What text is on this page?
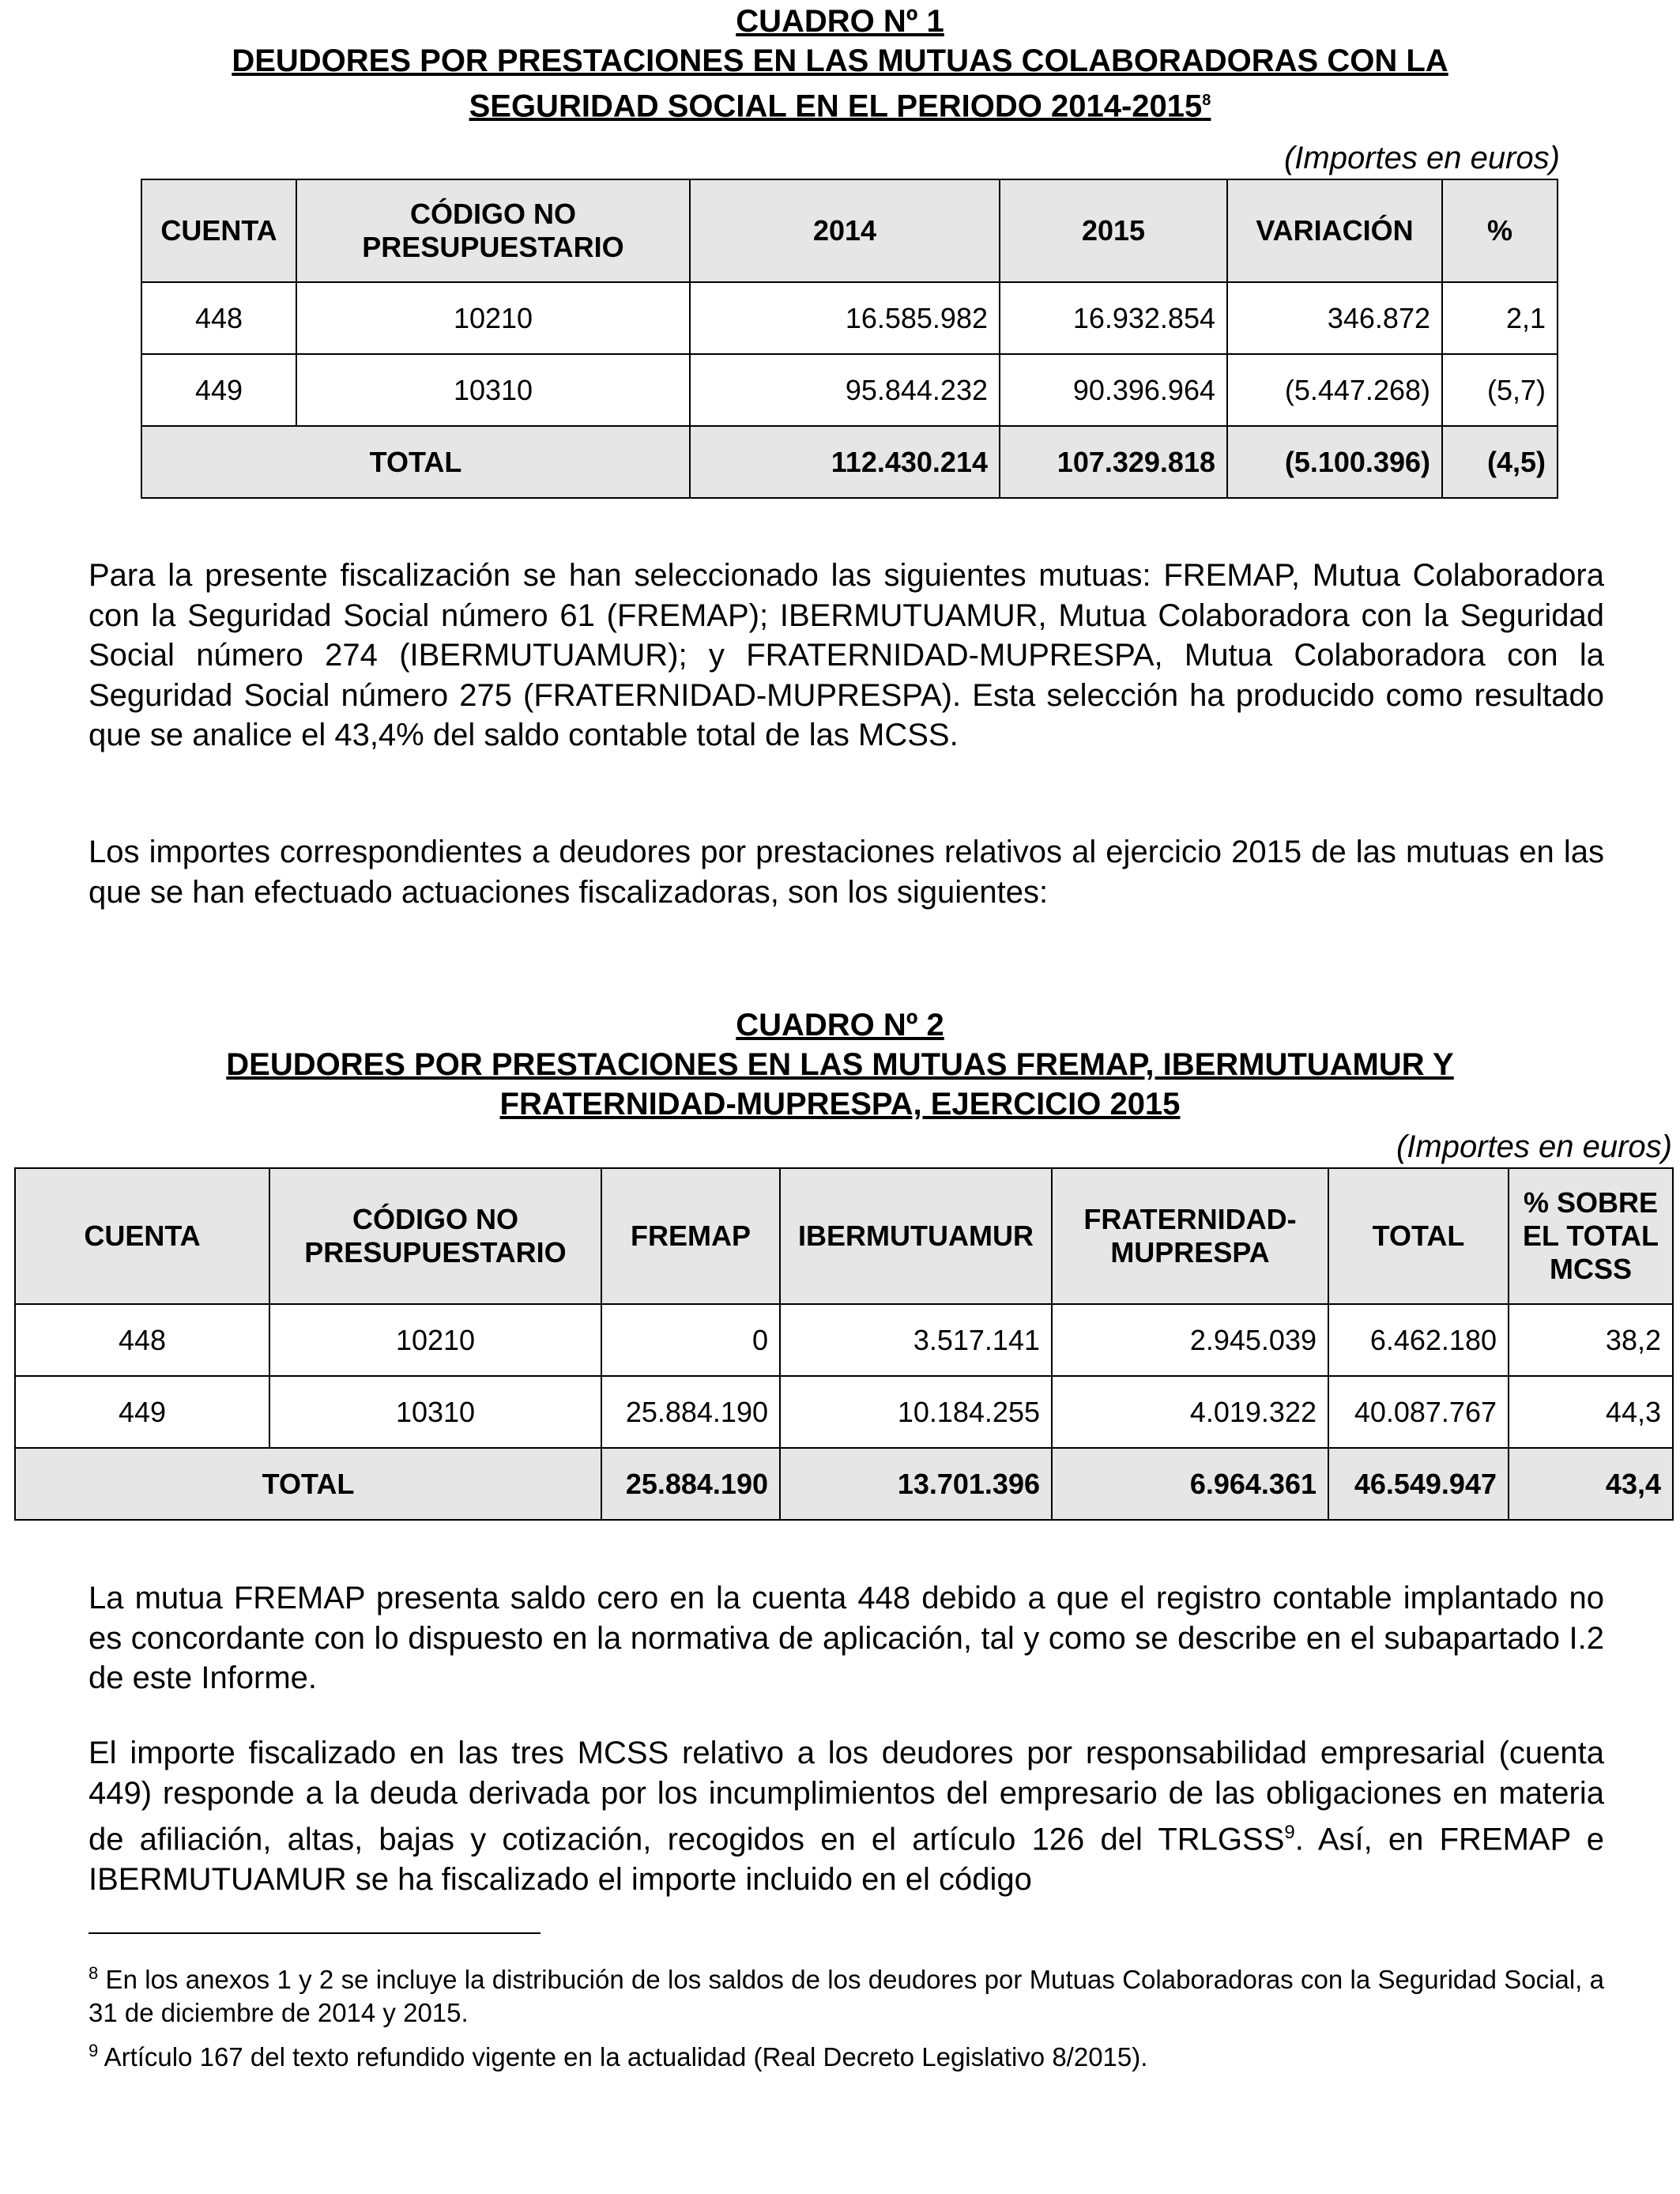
CUADRO Nº 1
DEUDORES POR PRESTACIONES EN LAS MUTUAS COLABORADORAS CON LA
SEGURIDAD SOCIAL EN EL PERIODO 2014-2015$^8$
(Importes en euros)
CUENTA	CÓDIGO NO PRESUPUESTARIO	2014	2015	VARIACIÓN	%
448	10210	16.585.982	16.932.854	346.872	2,1
449	10310	95.844.232	90.396.964	(5.447.268)	(5,7)
TOTAL		112.430.214	107.329.818	(5.100.396)	(4,5)
Para la presente fiscalización se han seleccionado las siguientes mutuas: FREMAP, Mutua Colaboradora con la Seguridad Social número 61 (FREMAP); IBERMUTUAMUR, Mutua Colaboradora con la Seguridad Social número 274 (IBERMUTUAMUR); y FRATERNIDAD-MUPRESPA, Mutua Colaboradora con la Seguridad Social número 275 (FRATERNIDAD-MUPRESPA). Esta selección ha producido como resultado que se analice el 43,4% del saldo contable total de las MCSS.
Los importes correspondientes a deudores por prestaciones relativos al ejercicio 2015 de las mutuas en las que se han efectuado actuaciones fiscalizadoras, son los siguientes:
CUADRO Nº 2
DEUDORES POR PRESTACIONES EN LAS MUTUAS FREMAP, IBERMUTUAMUR Y
FRATERNIDAD-MUPRESPA, EJERCICIO 2015
(Importes en euros)
CUENTA	CÓDIGO NO PRESUPUESTARIO	FREMAP	IBERMUTUAMUR	FRATERNIDAD-MUPRESPA	TOTAL	% SOBRE EL TOTAL MCSS
448	10210	0	3.517.141	2.945.039	6.462.180	38,2
449	10310	25.884.190	10.184.255	4.019.322	40.087.767	44,3
TOTAL		25.884.190	13.701.396	6.964.361	46.549.947	43,4
La mutua FREMAP presenta saldo cero en la cuenta 448 debido a que el registro contable implantado no es concordante con lo dispuesto en la normativa de aplicación, tal y como se describe en el subapartado I.2 de este Informe.
El importe fiscalizado en las tres MCSS relativo a los deudores por responsabilidad empresarial (cuenta 449) responde a la deuda derivada por los incumplimientos del empresario de las obligaciones en materia de afiliación, altas, bajas y cotización, recogidos en el artículo 126 del TRLGSS$^9$. Así, en FREMAP e IBERMUTUAMUR se ha fiscalizado el importe incluido en el código
$^8$ En los anexos 1 y 2 se incluye la distribución de los saldos de los deudores por Mutuas Colaboradoras con la Seguridad Social, a 31 de diciembre de 2014 y 2015.
$^9$ Artículo 167 del texto refundido vigente en la actualidad (Real Decreto Legislativo 8/2015).
